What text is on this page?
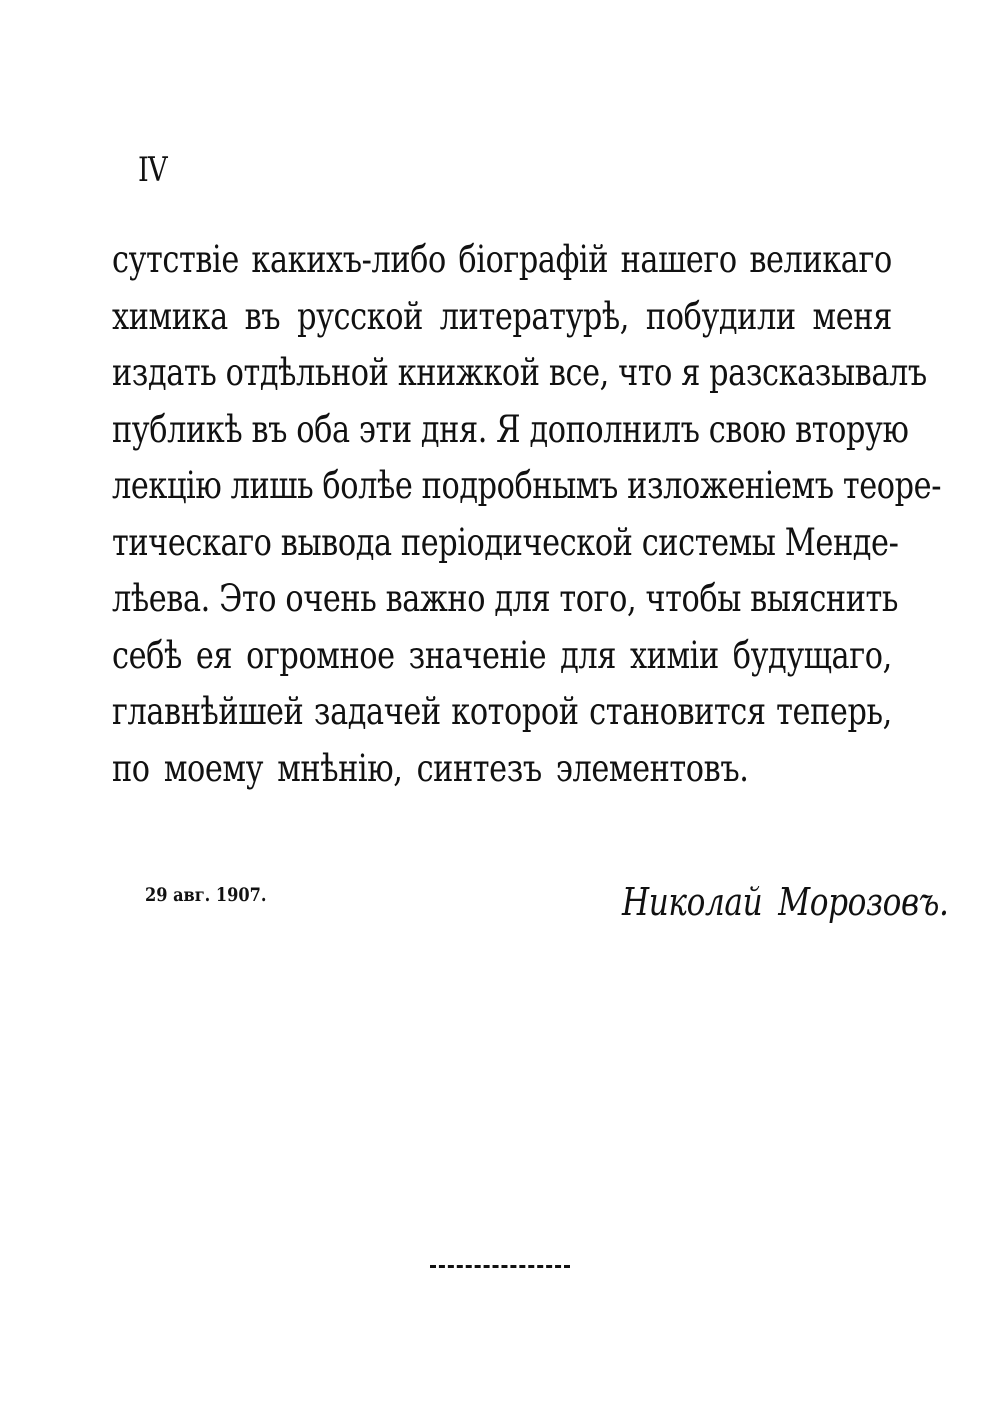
IV
сутствіе какихъ-либо біографій нашего великаго
химика въ русской литературѣ, побудили меня
издать отдѣльной книжкой все, что я разсказывалъ
публикѣ въ оба эти дня. Я дополнилъ свою вторую
лекцію лишь болѣе подробнымъ изложеніемъ теоре-
тическаго вывода періодической системы Менде-
лѣева. Это очень важно для того, чтобы выяснить
себѣ ея огромное значеніе для химіи будущаго,
главнѣйшей задачей которой становится теперь,
по моему мнѣнію, синтезъ элементовъ.
29 авг. 1907.	Николай Морозовъ.
